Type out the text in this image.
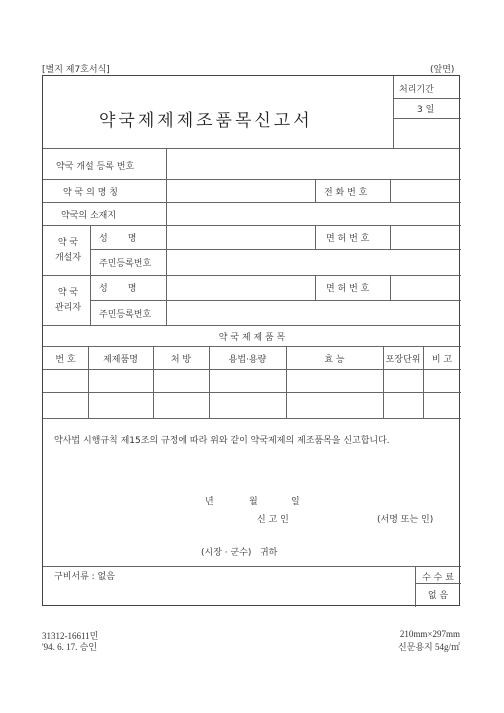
[별지 제7호서식]	(앞면)
약국제제제조품목신고서
처리기간
3 일
약국 개설 등록 번호
약 국 의 명 칭	전 화 번 호
약국의 소재지
약 국
개설자
성       명	면 허 번 호
주민등록번호
약 국
관리자
성       명	면 허 번 호
주민등록번호
약 국 제 제 품 목
번 호	제제품명	처 방	용법·용량	효 능	포장단위	비 고
약사법 시행규칙 제15조의 규정에 따라 위와 같이 약국제제의 제조품목을 신고합니다.
년	월	일
신 고 인	(서명 또는 인)
(시장 · 군수)   귀하
구비서류 : 없음	수 수 료
없 음
31312-16611민
'94. 6. 17. 승인
210mm×297mm
신문용지 54g/㎡
